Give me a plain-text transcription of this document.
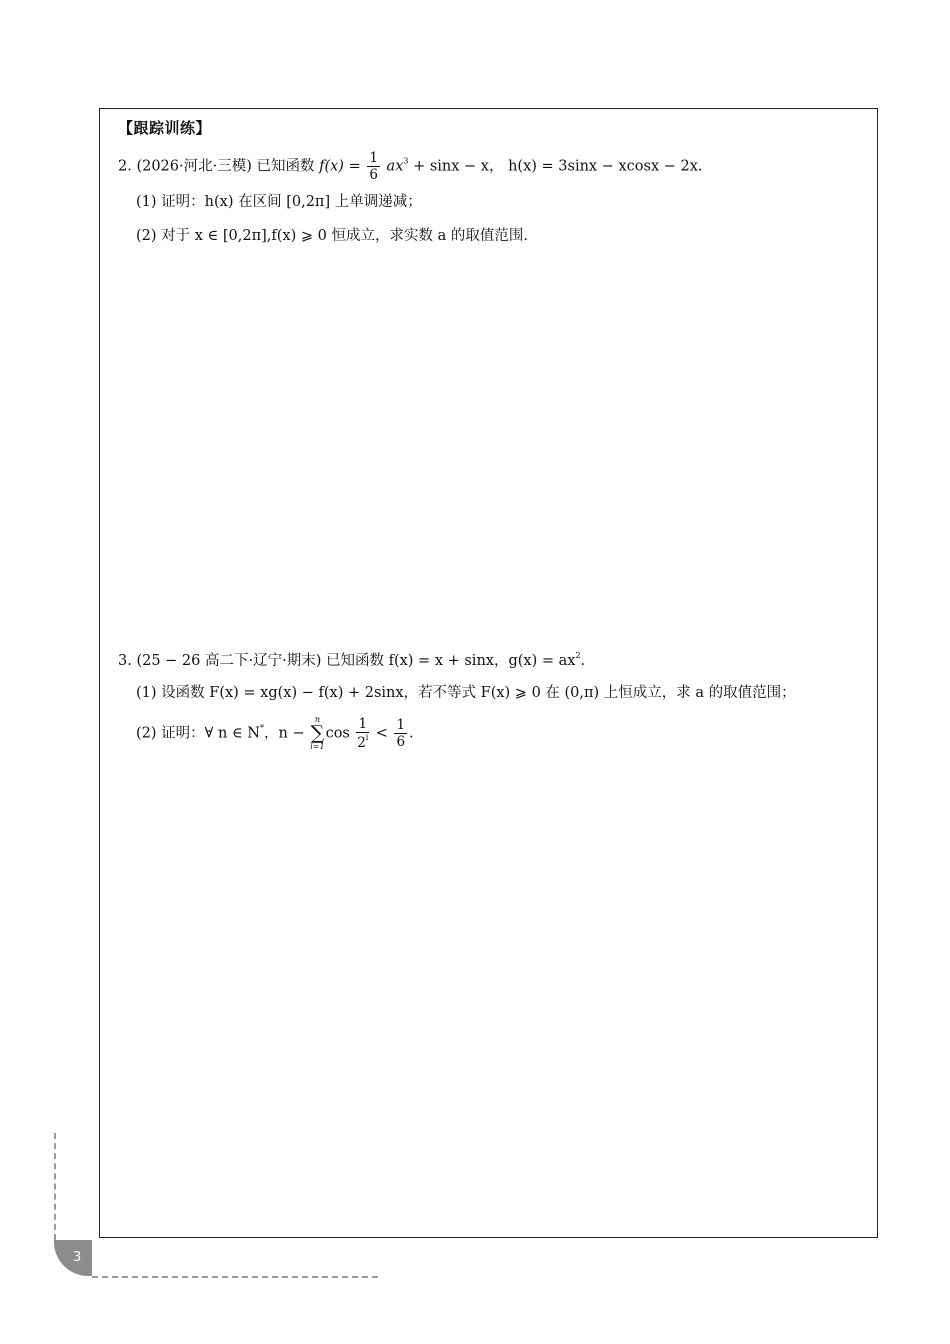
【跟踪训练】
2. (2026·河北·三模) 已知函数 $f(x) = \frac{1}{6} ax^3 + \sin x - x$， h(x) = 3sinx − xcosx − 2x.
(1) 证明：h(x) 在区间 [0,2π] 上单调递减；
(2) 对于 x ∈ [0,2π],f(x) ⩾ 0 恒成立，求实数 a 的取值范围.
3. (25 − 26 高二下·辽宁·期末) 已知函数 f(x) = x + sinx，$g(x) = ax^2$.
(1) 设函数 F(x) = xg(x) − f(x) + 2sinx，若不等式 F(x) ⩾ 0 在 (0,π) 上恒成立，求 a 的取值范围；
(2) 证明：∀ n ∈ N*，n −
n
∑
i=1
$\cos \frac{1}{2^i} < \frac{1}{6}$ .
3
